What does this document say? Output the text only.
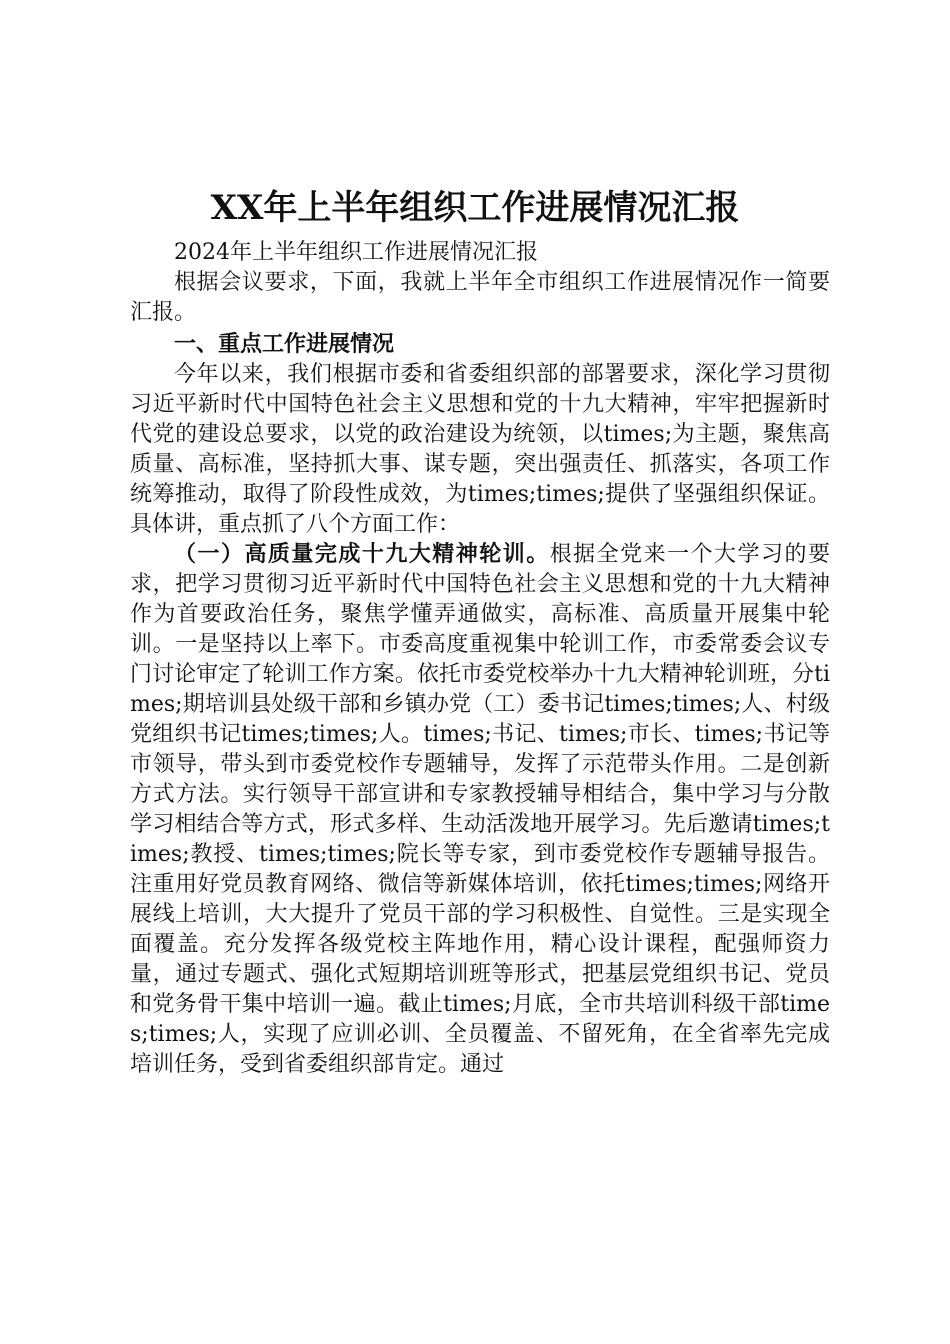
XX年上半年组织工作进展情况汇报

2024年上半年组织工作进展情况汇报

根据会议要求，下面，我就上半年全市组织工作进展情况作一简要汇报。

一、重点工作进展情况

今年以来，我们根据市委和省委组织部的部署要求，深化学习贯彻习近平新时代中国特色社会主义思想和党的十九大精神，牢牢把握新时代党的建设总要求，以党的政治建设为统领，以times;为主题，聚焦高质量、高标准，坚持抓大事、谋专题，突出强责任、抓落实，各项工作统筹推动，取得了阶段性成效，为times;times;提供了坚强组织保证。具体讲，重点抓了八个方面工作：

（一）高质量完成十九大精神轮训。根据全党来一个大学习的要求，把学习贯彻习近平新时代中国特色社会主义思想和党的十九大精神作为首要政治任务，聚焦学懂弄通做实，高标准、高质量开展集中轮训。一是坚持以上率下。市委高度重视集中轮训工作，市委常委会议专门讨论审定了轮训工作方案。依托市委党校举办十九大精神轮训班，分times;期培训县处级干部和乡镇办党（工）委书记times;times;人、村级党组织书记times;times;人。times;书记、times;市长、times;书记等市领导，带头到市委党校作专题辅导，发挥了示范带头作用。二是创新方式方法。实行领导干部宣讲和专家教授辅导相结合，集中学习与分散学习相结合等方式，形式多样、生动活泼地开展学习。先后邀请times;times;教授、times;times;院长等专家，到市委党校作专题辅导报告。注重用好党员教育网络、微信等新媒体培训，依托times;times;网络开展线上培训，大大提升了党员干部的学习积极性、自觉性。三是实现全面覆盖。充分发挥各级党校主阵地作用，精心设计课程，配强师资力量，通过专题式、强化式短期培训班等形式，把基层党组织书记、党员和党务骨干集中培训一遍。截止times;月底，全市共培训科级干部times;times;人，实现了应训必训、全员覆盖、不留死角，在全省率先完成培训任务，受到省委组织部肯定。通过
